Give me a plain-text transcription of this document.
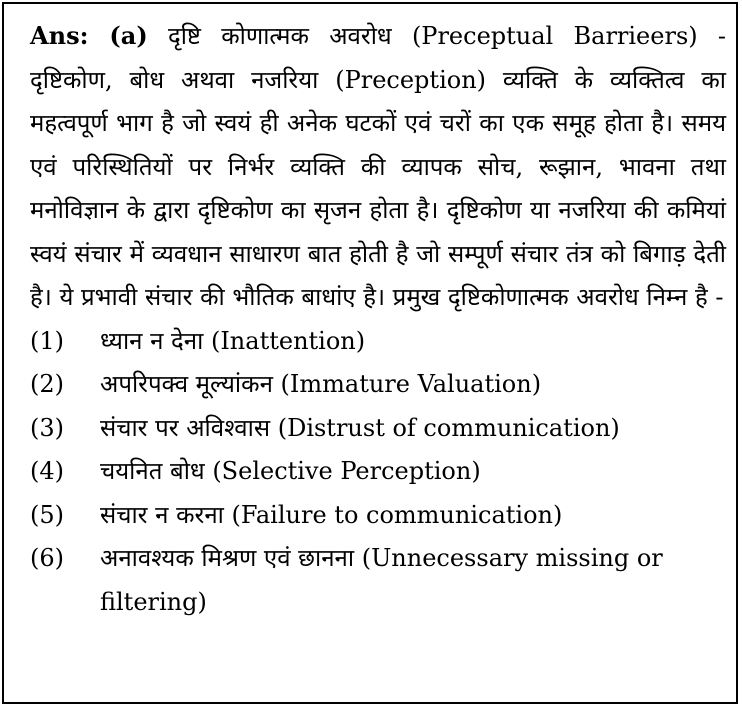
Ans: (a) दृष्टि कोणात्मक अवरोध (Preceptual Barrieers) - दृष्टिकोण, बोध अथवा नजरिया (Preception) व्यक्ति के व्यक्तित्व का महत्वपूर्ण भाग है जो स्वयं ही अनेक घटकों एवं चरों का एक समूह होता है। समय एवं परिस्थितियों पर निर्भर व्यक्ति की व्यापक सोच, रूझान, भावना तथा मनोविज्ञान के द्वारा दृष्टिकोण का सृजन होता है। दृष्टिकोण या नजरिया की कमियां स्वयं संचार में व्यवधान साधारण बात होती है जो सम्पूर्ण संचार तंत्र को बिगाड़ देती है। ये प्रभावी संचार की भौतिक बाधांए है। प्रमुख दृष्टिकोणात्मक अवरोध निम्न है -

(1)	ध्यान न देना (Inattention)
(2)	अपरिपक्व मूल्यांकन (Immature Valuation)
(3)	संचार पर अविश्वास (Distrust of communication)
(4)	चयनित बोध (Selective Perception)
(5)	संचार न करना (Failure to communication)
(6)	अनावश्यक मिश्रण एवं छानना (Unnecessary missing or filtering)
